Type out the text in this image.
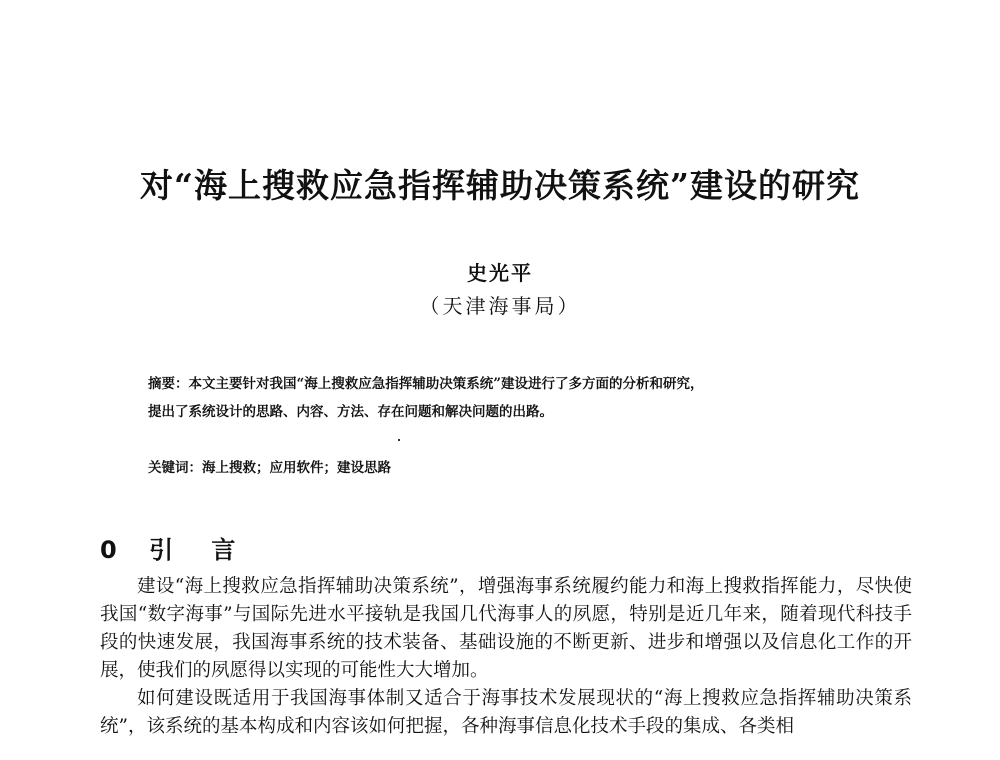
对“海上搜救应急指挥辅助决策系统”建设的研究
史光平
（天津海事局）
摘要：本文主要针对我国“海上搜救应急指挥辅助决策系统”建设进行了多方面的分析和研究，
提出了系统设计的思路、内容、方法、存在问题和解决问题的出路。
关键词：海上搜救；应用软件；建设思路
0 引 言

建设“海上搜救应急指挥辅助决策系统”，增强海事系统履约能力和海上搜救指挥能力，尽快使我国“数字海事”与国际先进水平接轨是我国几代海事人的夙愿，特别是近几年来，随着现代科技手段的快速发展，我国海事系统的技术装备、基础设施的不断更新、进步和增强以及信息化工作的开展，使我们的夙愿得以实现的可能性大大增加。

如何建设既适用于我国海事体制又适合于海事技术发展现状的“海上搜救应急指挥辅助决策系统”，该系统的基本构成和内容该如何把握，各种海事信息化技术手段的集成、各类相
